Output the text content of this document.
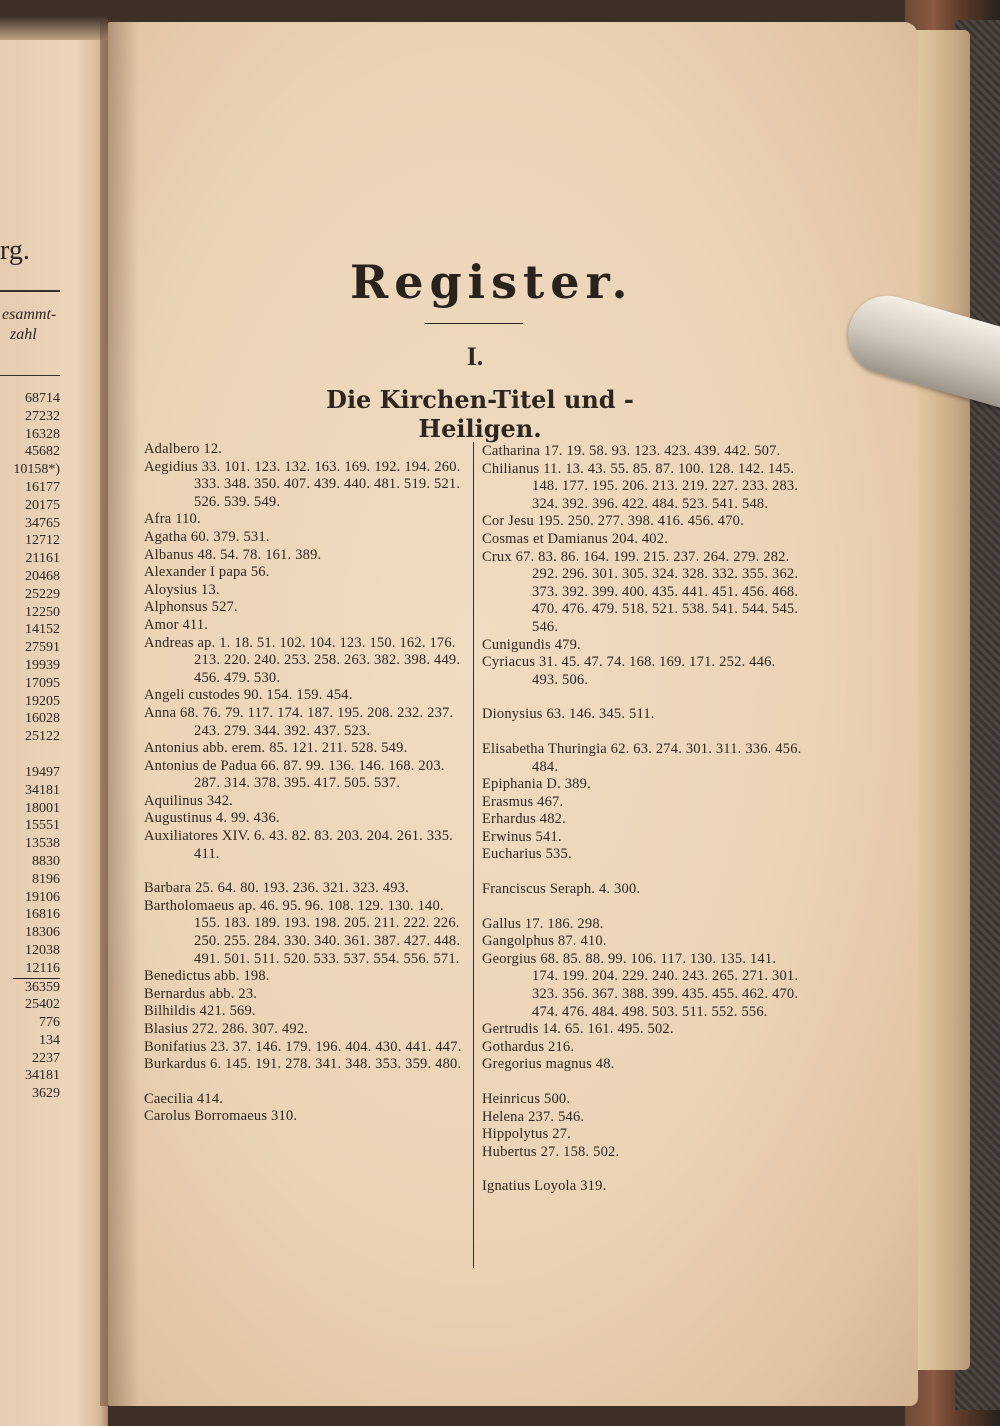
rg.
esammt-
zahl
68714
27232
16328
45682
10158*)
16177
20175
34765
12712
21161
20468
25229
12250
14152
27591
19939
17095
19205
16028
25122
19497
34181
18001
15551
13538
8830
8196
19106
16816
18306
12038
12116
36359
25402
776
134
2237
34181
3629
Register.
I.
Die Kirchen-Titel und -Heiligen.
Adalbero 12.
Aegidius 33. 101. 123. 132. 163. 169. 192. 194. 260. 333. 348. 350. 407. 439. 440. 481. 519. 521. 526. 539. 549.
Afra 110.
Agatha 60. 379. 531.
Albanus 48. 54. 78. 161. 389.
Alexander I papa 56.
Aloysius 13.
Alphonsus 527.
Amor 411.
Andreas ap. 1. 18. 51. 102. 104. 123. 150. 162. 176. 213. 220. 240. 253. 258. 263. 382. 398. 449. 456. 479. 530.
Angeli custodes 90. 154. 159. 454.
Anna 68. 76. 79. 117. 174. 187. 195. 208. 232. 237. 243. 279. 344. 392. 437. 523.
Antonius abb. erem. 85. 121. 211. 528. 549.
Antonius de Padua 66. 87. 99. 136. 146. 168. 203. 287. 314. 378. 395. 417. 505. 537.
Aquilinus 342.
Augustinus 4. 99. 436.
Auxiliatores XIV. 6. 43. 82. 83. 203. 204. 261. 335. 411.
Barbara 25. 64. 80. 193. 236. 321. 323. 493.
Bartholomaeus ap. 46. 95. 96. 108. 129. 130. 140. 155. 183. 189. 193. 198. 205. 211. 222. 226. 250. 255. 284. 330. 340. 361. 387. 427. 448. 491. 501. 511. 520. 533. 537. 554. 556. 571.
Benedictus abb. 198.
Bernardus abb. 23.
Bilhildis 421. 569.
Blasius 272. 286. 307. 492.
Bonifatius 23. 37. 146. 179. 196. 404. 430. 441. 447.
Burkardus 6. 145. 191. 278. 341. 348. 353. 359. 480.
Caecilia 414.
Carolus Borromaeus 310.
Catharina 17. 19. 58. 93. 123. 423. 439. 442. 507.
Chilianus 11. 13. 43. 55. 85. 87. 100. 128. 142. 145. 148. 177. 195. 206. 213. 219. 227. 233. 283. 324. 392. 396. 422. 484. 523. 541. 548.
Cor Jesu 195. 250. 277. 398. 416. 456. 470.
Cosmas et Damianus 204. 402.
Crux 67. 83. 86. 164. 199. 215. 237. 264. 279. 282. 292. 296. 301. 305. 324. 328. 332. 355. 362. 373. 392. 399. 400. 435. 441. 451. 456. 468. 470. 476. 479. 518. 521. 538. 541. 544. 545. 546.
Cunigundis 479.
Cyriacus 31. 45. 47. 74. 168. 169. 171. 252. 446. 493. 506.
Dionysius 63. 146. 345. 511.
Elisabetha Thuringia 62. 63. 274. 301. 311. 336. 456. 484.
Epiphania D. 389.
Erasmus 467.
Erhardus 482.
Erwinus 541.
Eucharius 535.
Franciscus Seraph. 4. 300.
Gallus 17. 186. 298.
Gangolphus 87. 410.
Georgius 68. 85. 88. 99. 106. 117. 130. 135. 141. 174. 199. 204. 229. 240. 243. 265. 271. 301. 323. 356. 367. 388. 399. 435. 455. 462. 470. 474. 476. 484. 498. 503. 511. 552. 556.
Gertrudis 14. 65. 161. 495. 502.
Gothardus 216.
Gregorius magnus 48.
Heinricus 500.
Helena 237. 546.
Hippolytus 27.
Hubertus 27. 158. 502.
Ignatius Loyola 319.
